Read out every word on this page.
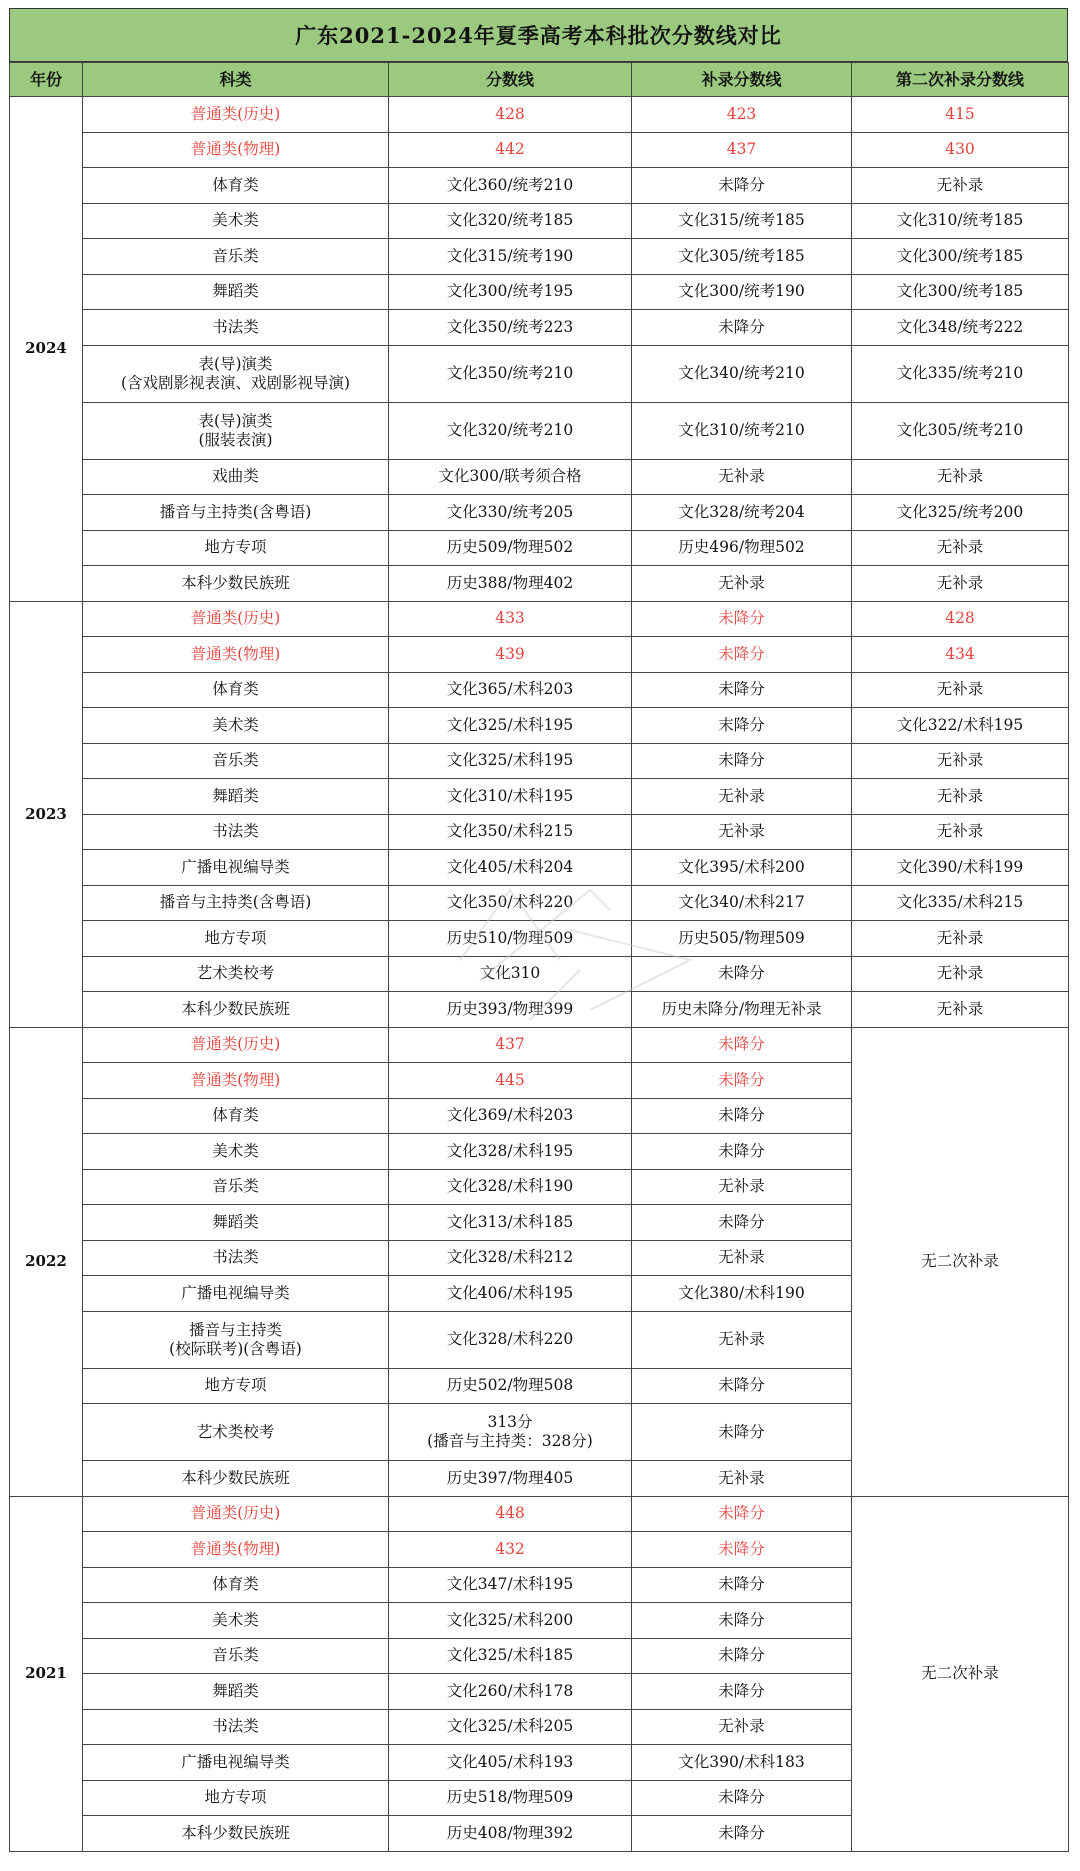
广东2021-2024年夏季高考本科批次分数线对比
年份	科类	分数线	补录分数线	第二次补录分数线
2024	普通类(历史)	428	423	415
	普通类(物理)	442	437	430
	体育类	文化360/统考210	未降分	无补录
	美术类	文化320/统考185	文化315/统考185	文化310/统考185
	音乐类	文化315/统考190	文化305/统考185	文化300/统考185
	舞蹈类	文化300/统考195	文化300/统考190	文化300/统考185
	书法类	文化350/统考223	未降分	文化348/统考222
	表(导)演类
(含戏剧影视表演、戏剧影视导演)	文化350/统考210	文化340/统考210	文化335/统考210
	表(导)演类
(服装表演)	文化320/统考210	文化310/统考210	文化305/统考210
	戏曲类	文化300/联考须合格	无补录	无补录
	播音与主持类(含粤语)	文化330/统考205	文化328/统考204	文化325/统考200
	地方专项	历史509/物理502	历史496/物理502	无补录
	本科少数民族班	历史388/物理402	无补录	无补录
2023	普通类(历史)	433	未降分	428
	普通类(物理)	439	未降分	434
	体育类	文化365/术科203	未降分	无补录
	美术类	文化325/术科195	末降分	文化322/术科195
	音乐类	文化325/术科195	未降分	无补录
	舞蹈类	文化310/术科195	无补录	无补录
	书法类	文化350/术科215	无补录	无补录
	广播电视编导类	文化405/术科204	文化395/术科200	文化390/术科199
	播音与主持类(含粤语)	文化350/术科220	文化340/术科217	文化335/术科215
	地方专项	历史510/物理509	历史505/物理509	无补录
	艺术类校考	文化310	未降分	无补录
	本科少数民族班	历史393/物理399	历史未降分/物理无补录	无补录
2022	普通类(历史)	437	未降分	无二次补录
	普通类(物理)	445	未降分	
	体育类	文化369/术科203	未降分	
	美术类	文化328/术科195	未降分	
	音乐类	文化328/术科190	无补录	
	舞蹈类	文化313/术科185	未降分	
	书法类	文化328/术科212	无补录	
	广播电视编导类	文化406/术科195	文化380/术科190	
	播音与主持类
(校际联考)(含粤语)	文化328/术科220	无补录	
	地方专项	历史502/物理508	未降分	
	艺术类校考	313分
(播音与主持类：328分)	未降分	
	本科少数民族班	历史397/物理405	无补录	
2021	普通类(历史)	448	未降分	无二次补录
	普通类(物理)	432	未降分	
	体育类	文化347/术科195	未降分	
	美术类	文化325/术科200	未降分	
	音乐类	文化325/术科185	未降分	
	舞蹈类	文化260/术科178	未降分	
	书法类	文化325/术科205	无补录	
	广播电视编导类	文化405/术科193	文化390/术科183	
	地方专项	历史518/物理509	未降分	
	本科少数民族班	历史408/物理392	未降分	
